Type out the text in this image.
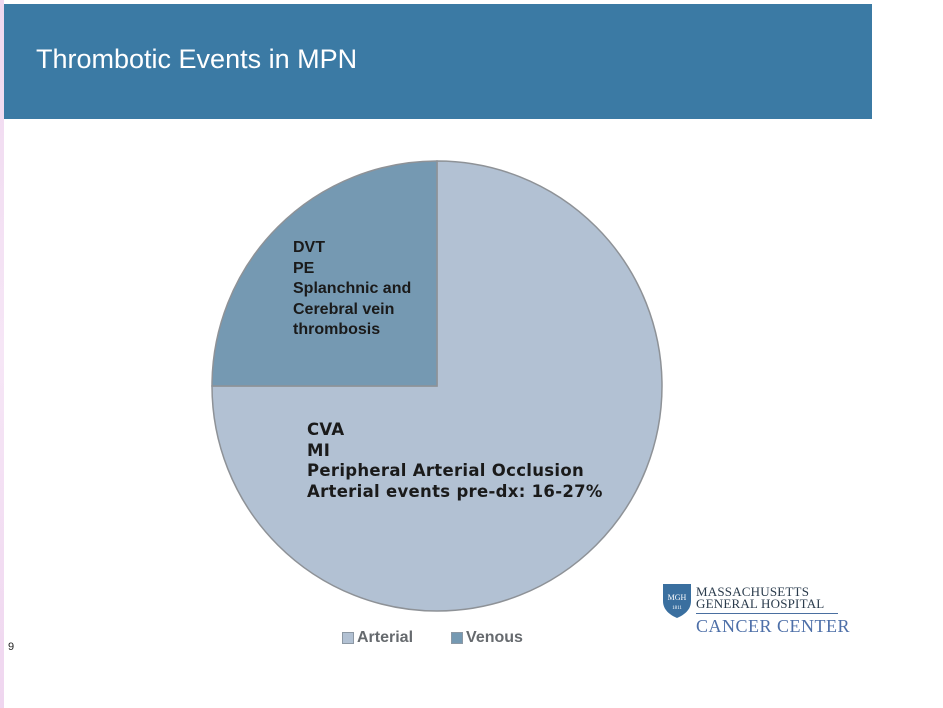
Thrombotic Events in MPN
DVT
PE
Splanchnic and
Cerebral vein
thrombosis
CVA
MI
Peripheral Arterial Occlusion
Arterial events pre-dx: 16-27%
Arterial	Venous
9
MGH
1811
MASSACHUSETTS
GENERAL HOSPITAL
CANCER CENTER
